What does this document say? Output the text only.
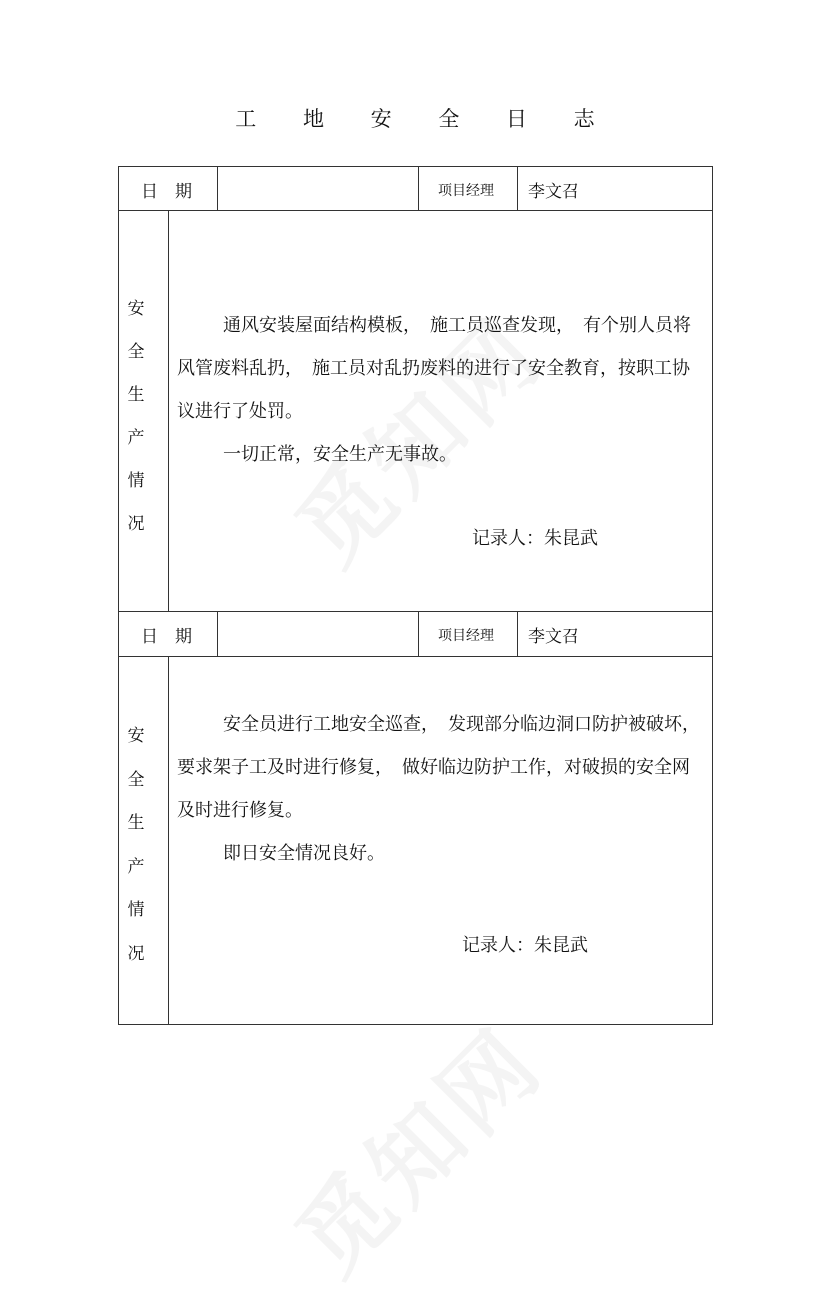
工 地 安 全 日 志
日　期	项目经理 李文召
安
全
生
产
情
况

通风安装屋面结构模板，　施工员巡查发现，　有个别人员将风管废料乱扔，　施工员对乱扔废料的进行了安全教育，按职工协议进行了处罚。

一切正常，安全生产无事故。

记录人：朱昆武
日　期	项目经理 李文召
安
全
生
产
情
况

安全员进行工地安全巡查，　发现部分临边洞口防护被破坏，要求架子工及时进行修复，　做好临边防护工作，对破损的安全网及时进行修复。

即日安全情况良好。

记录人：朱昆武
